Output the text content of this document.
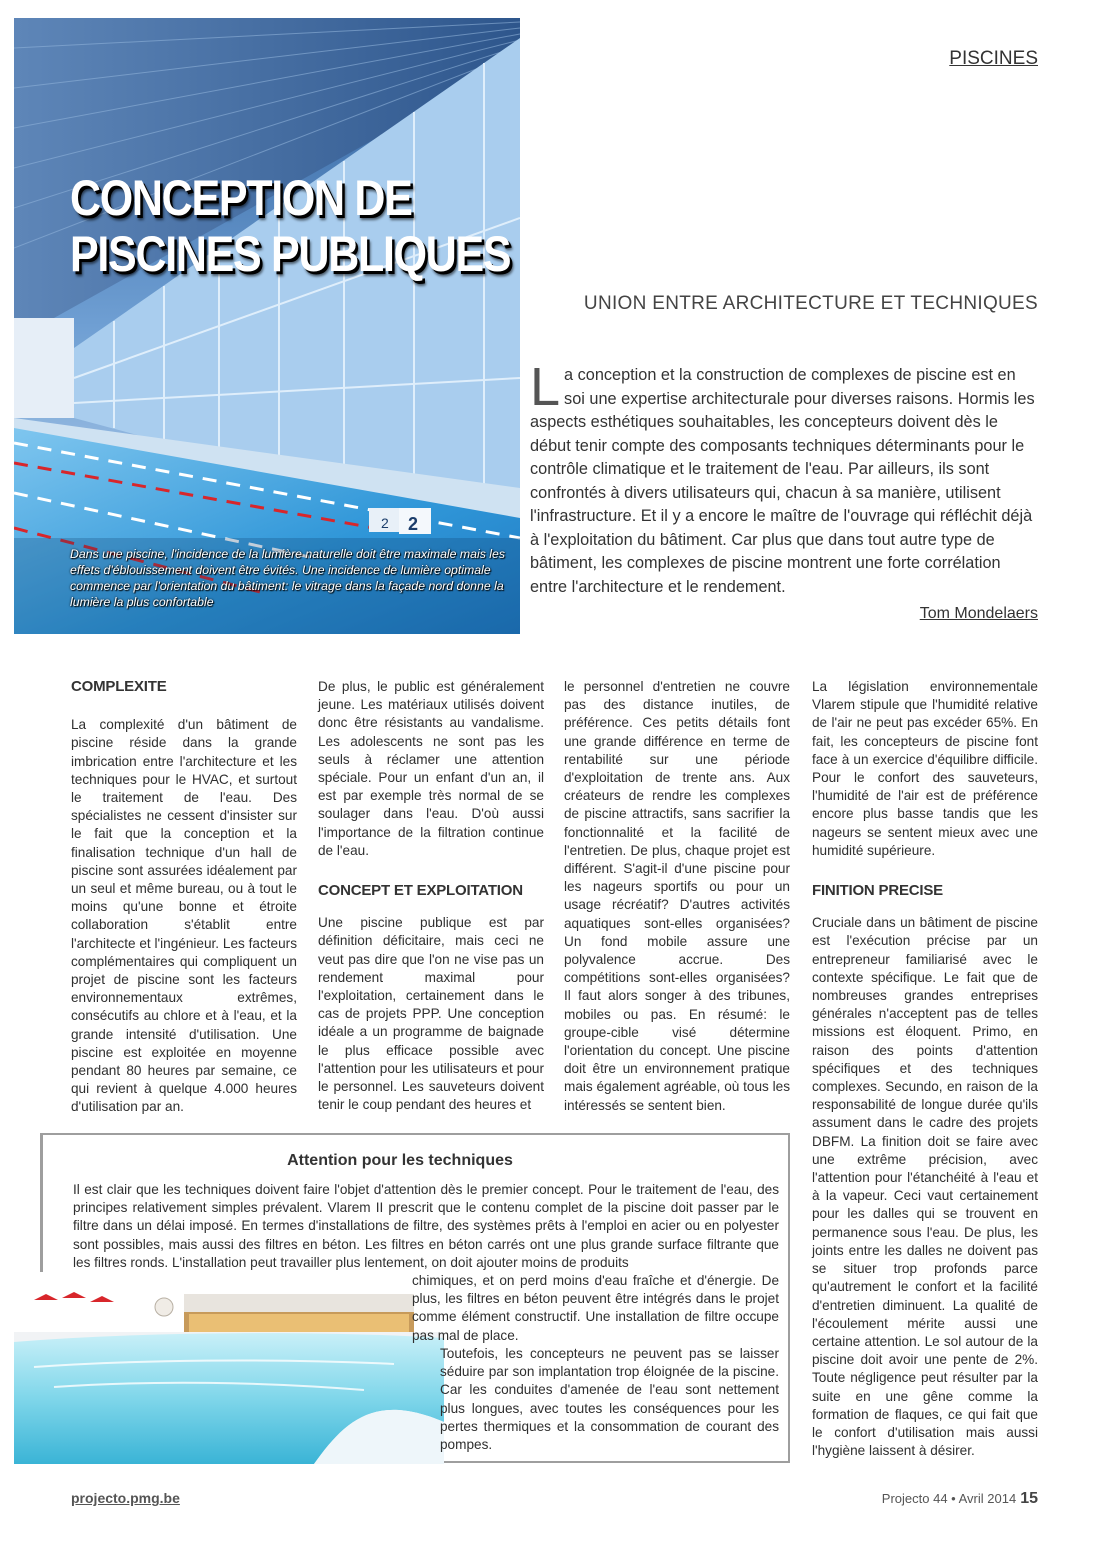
2 2
CONCEPTION DE
PISCINES PUBLIQUES

Dans une piscine, l'incidence de la lumière naturelle doit être maximale mais les effets d'éblouissement doivent être évités. Une incidence de lumière optimale commence par l'orientation du bâtiment: le vitrage dans la façade nord donne la lumière la plus confortable

PISCINES
UNION ENTRE ARCHITECTURE ET TECHNIQUES

La conception et la construction de complexes de piscine est en soi une expertise architecturale pour diverses raisons. Hormis les aspects esthétiques souhaitables, les concepteurs doivent dès le début tenir compte des composants techniques déterminants pour le contrôle climatique et le traitement de l'eau. Par ailleurs, ils sont confrontés à divers utilisateurs qui, chacun à sa manière, utilisent l'infrastructure. Et il y a encore le maître de l'ouvrage qui réfléchit déjà à l'exploitation du bâtiment. Car plus que dans tout autre type de bâtiment, les complexes de piscine montrent une forte corrélation entre l'architecture et le rendement.

Tom Mondelaers
COMPLEXITE

La complexité d'un bâtiment de piscine réside dans la grande imbrication entre l'architecture et les techniques pour le HVAC, et surtout le traitement de l'eau. Des spécialistes ne cessent d'insister sur le fait que la conception et la finalisation technique d'un hall de piscine sont assurées idéalement par un seul et même bureau, ou à tout le moins qu'une bonne et étroite collaboration s'établit entre l'architecte et l'ingénieur. Les facteurs complémentaires qui compliquent un projet de piscine sont les facteurs environnementaux extrêmes, consécutifs au chlore et à l'eau, et la grande intensité d'utilisation. Une piscine est exploitée en moyenne pendant 80 heures par semaine, ce qui revient à quelque 4.000 heures d'utilisation par an.

De plus, le public est généralement jeune. Les matériaux utilisés doivent donc être résistants au vandalisme. Les adolescents ne sont pas les seuls à réclamer une attention spéciale. Pour un enfant d'un an, il est par exemple très normal de se soulager dans l'eau. D'où aussi l'importance de la filtration continue de l'eau.

CONCEPT ET EXPLOITATION

Une piscine publique est par définition déficitaire, mais ceci ne veut pas dire que l'on ne vise pas un rendement maximal pour l'exploitation, certainement dans le cas de projets PPP. Une conception idéale a un programme de baignade le plus efficace possible avec l'attention pour les utilisateurs et pour le personnel. Les sauveteurs doivent tenir le coup pendant des heures et

le personnel d'entretien ne couvre pas des distance inutiles, de préférence. Ces petits détails font une grande différence en terme de rentabilité sur une période d'exploitation de trente ans. Aux créateurs de rendre les complexes de piscine attractifs, sans sacrifier la fonctionnalité et la facilité de l'entretien. De plus, chaque projet est différent. S'agit-il d'une piscine pour les nageurs sportifs ou pour un usage récréatif? D'autres activités aquatiques sont-elles organisées? Un fond mobile assure une polyvalence accrue. Des compétitions sont-elles organisées? Il faut alors songer à des tribunes, mobiles ou pas. En résumé: le groupe-cible visé détermine l'orientation du concept. Une piscine doit être un environnement pratique mais également agréable, où tous les intéressés se sentent bien.

La législation environnementale Vlarem stipule que l'humidité relative de l'air ne peut pas excéder 65%. En fait, les concepteurs de piscine font face à un exercice d'équilibre difficile. Pour le confort des sauveteurs, l'humidité de l'air est de préférence encore plus basse tandis que les nageurs se sentent mieux avec une humidité supérieure.

FINITION PRECISE

Cruciale dans un bâtiment de piscine est l'exécution précise par un entrepreneur familiarisé avec le contexte spécifique. Le fait que de nombreuses grandes entreprises générales n'acceptent pas de telles missions est éloquent. Primo, en raison des points d'attention spécifiques et des techniques complexes. Secundo, en raison de la responsabilité de longue durée qu'ils assument dans le cadre des projets DBFM. La finition doit se faire avec une extrême précision, avec l'attention pour l'étanchéité à l'eau et à la vapeur. Ceci vaut certainement pour les dalles qui se trouvent en permanence sous l'eau. De plus, les joints entre les dalles ne doivent pas se situer trop profonds parce qu'autrement le confort et la facilité d'entretien diminuent. La qualité de l'écoulement mérite aussi une certaine attention. Le sol autour de la piscine doit avoir une pente de 2%. Toute négligence peut résulter par la suite en une gêne comme la formation de flaques, ce qui fait que le confort d'utilisation mais aussi l'hygiène laissent à désirer.

Attention pour les techniques

Il est clair que les techniques doivent faire l'objet d'attention dès le premier concept. Pour le traitement de l'eau, des principes relativement simples prévalent. Vlarem II prescrit que le contenu complet de la piscine doit passer par le filtre dans un délai imposé. En termes d'installations de filtre, des systèmes prêts à l'emploi en acier ou en polyester sont possibles, mais aussi des filtres en béton. Les filtres en béton carrés ont une plus grande surface filtrante que les filtres ronds. L'installation peut travailler plus lentement, on doit ajouter moins de produits

chimiques, et on perd moins d'eau fraîche et d'énergie. De plus, les filtres en béton peuvent être intégrés dans le projet comme élément constructif. Une installation de filtre occupe pas mal de place.

Toutefois, les concepteurs ne peuvent pas se laisser séduire par son implantation trop éloignée de la piscine. Car les conduites d'amenée de l'eau sont nettement plus longues, avec toutes les conséquences pour les pertes thermiques et la consommation de courant des pompes.

projecto.pmg.be	Projecto 44 • Avril 2014 15
